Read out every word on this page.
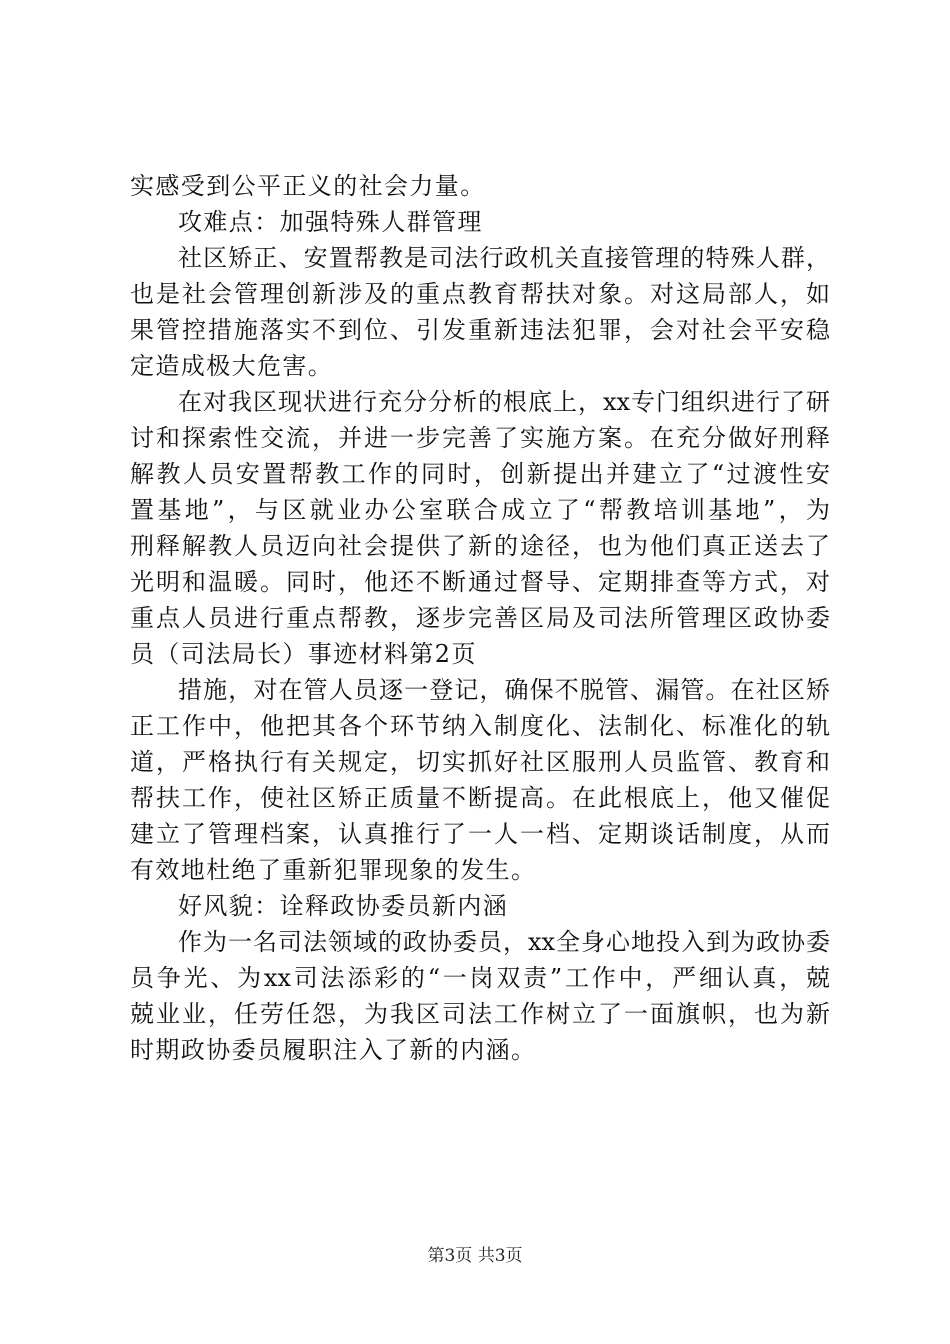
实感受到公平正义的社会力量。
攻难点：加强特殊人群管理
社区矫正、安置帮教是司法行政机关直接管理的特殊人群，
也是社会管理创新涉及的重点教育帮扶对象。对这局部人，如
果管控措施落实不到位、引发重新违法犯罪，会对社会平安稳
定造成极大危害。
在对我区现状进行充分分析的根底上，xx专门组织进行了研
讨和探索性交流，并进一步完善了实施方案。在充分做好刑释
解教人员安置帮教工作的同时，创新提出并建立了“过渡性安
置基地”，与区就业办公室联合成立了“帮教培训基地”，为
刑释解教人员迈向社会提供了新的途径，也为他们真正送去了
光明和温暖。同时，他还不断通过督导、定期排查等方式，对
重点人员进行重点帮教，逐步完善区局及司法所管理区政协委
员（司法局长）事迹材料第2页
措施，对在管人员逐一登记，确保不脱管、漏管。在社区矫
正工作中，他把其各个环节纳入制度化、法制化、标准化的轨
道，严格执行有关规定，切实抓好社区服刑人员监管、教育和
帮扶工作，使社区矫正质量不断提高。在此根底上，他又催促
建立了管理档案，认真推行了一人一档、定期谈话制度，从而
有效地杜绝了重新犯罪现象的发生。
好风貌：诠释政协委员新内涵
作为一名司法领域的政协委员，xx全身心地投入到为政协委
员争光、为xx司法添彩的“一岗双责”工作中，严细认真，兢
兢业业，任劳任怨，为我区司法工作树立了一面旗帜，也为新
时期政协委员履职注入了新的内涵。
第3页 共3页
